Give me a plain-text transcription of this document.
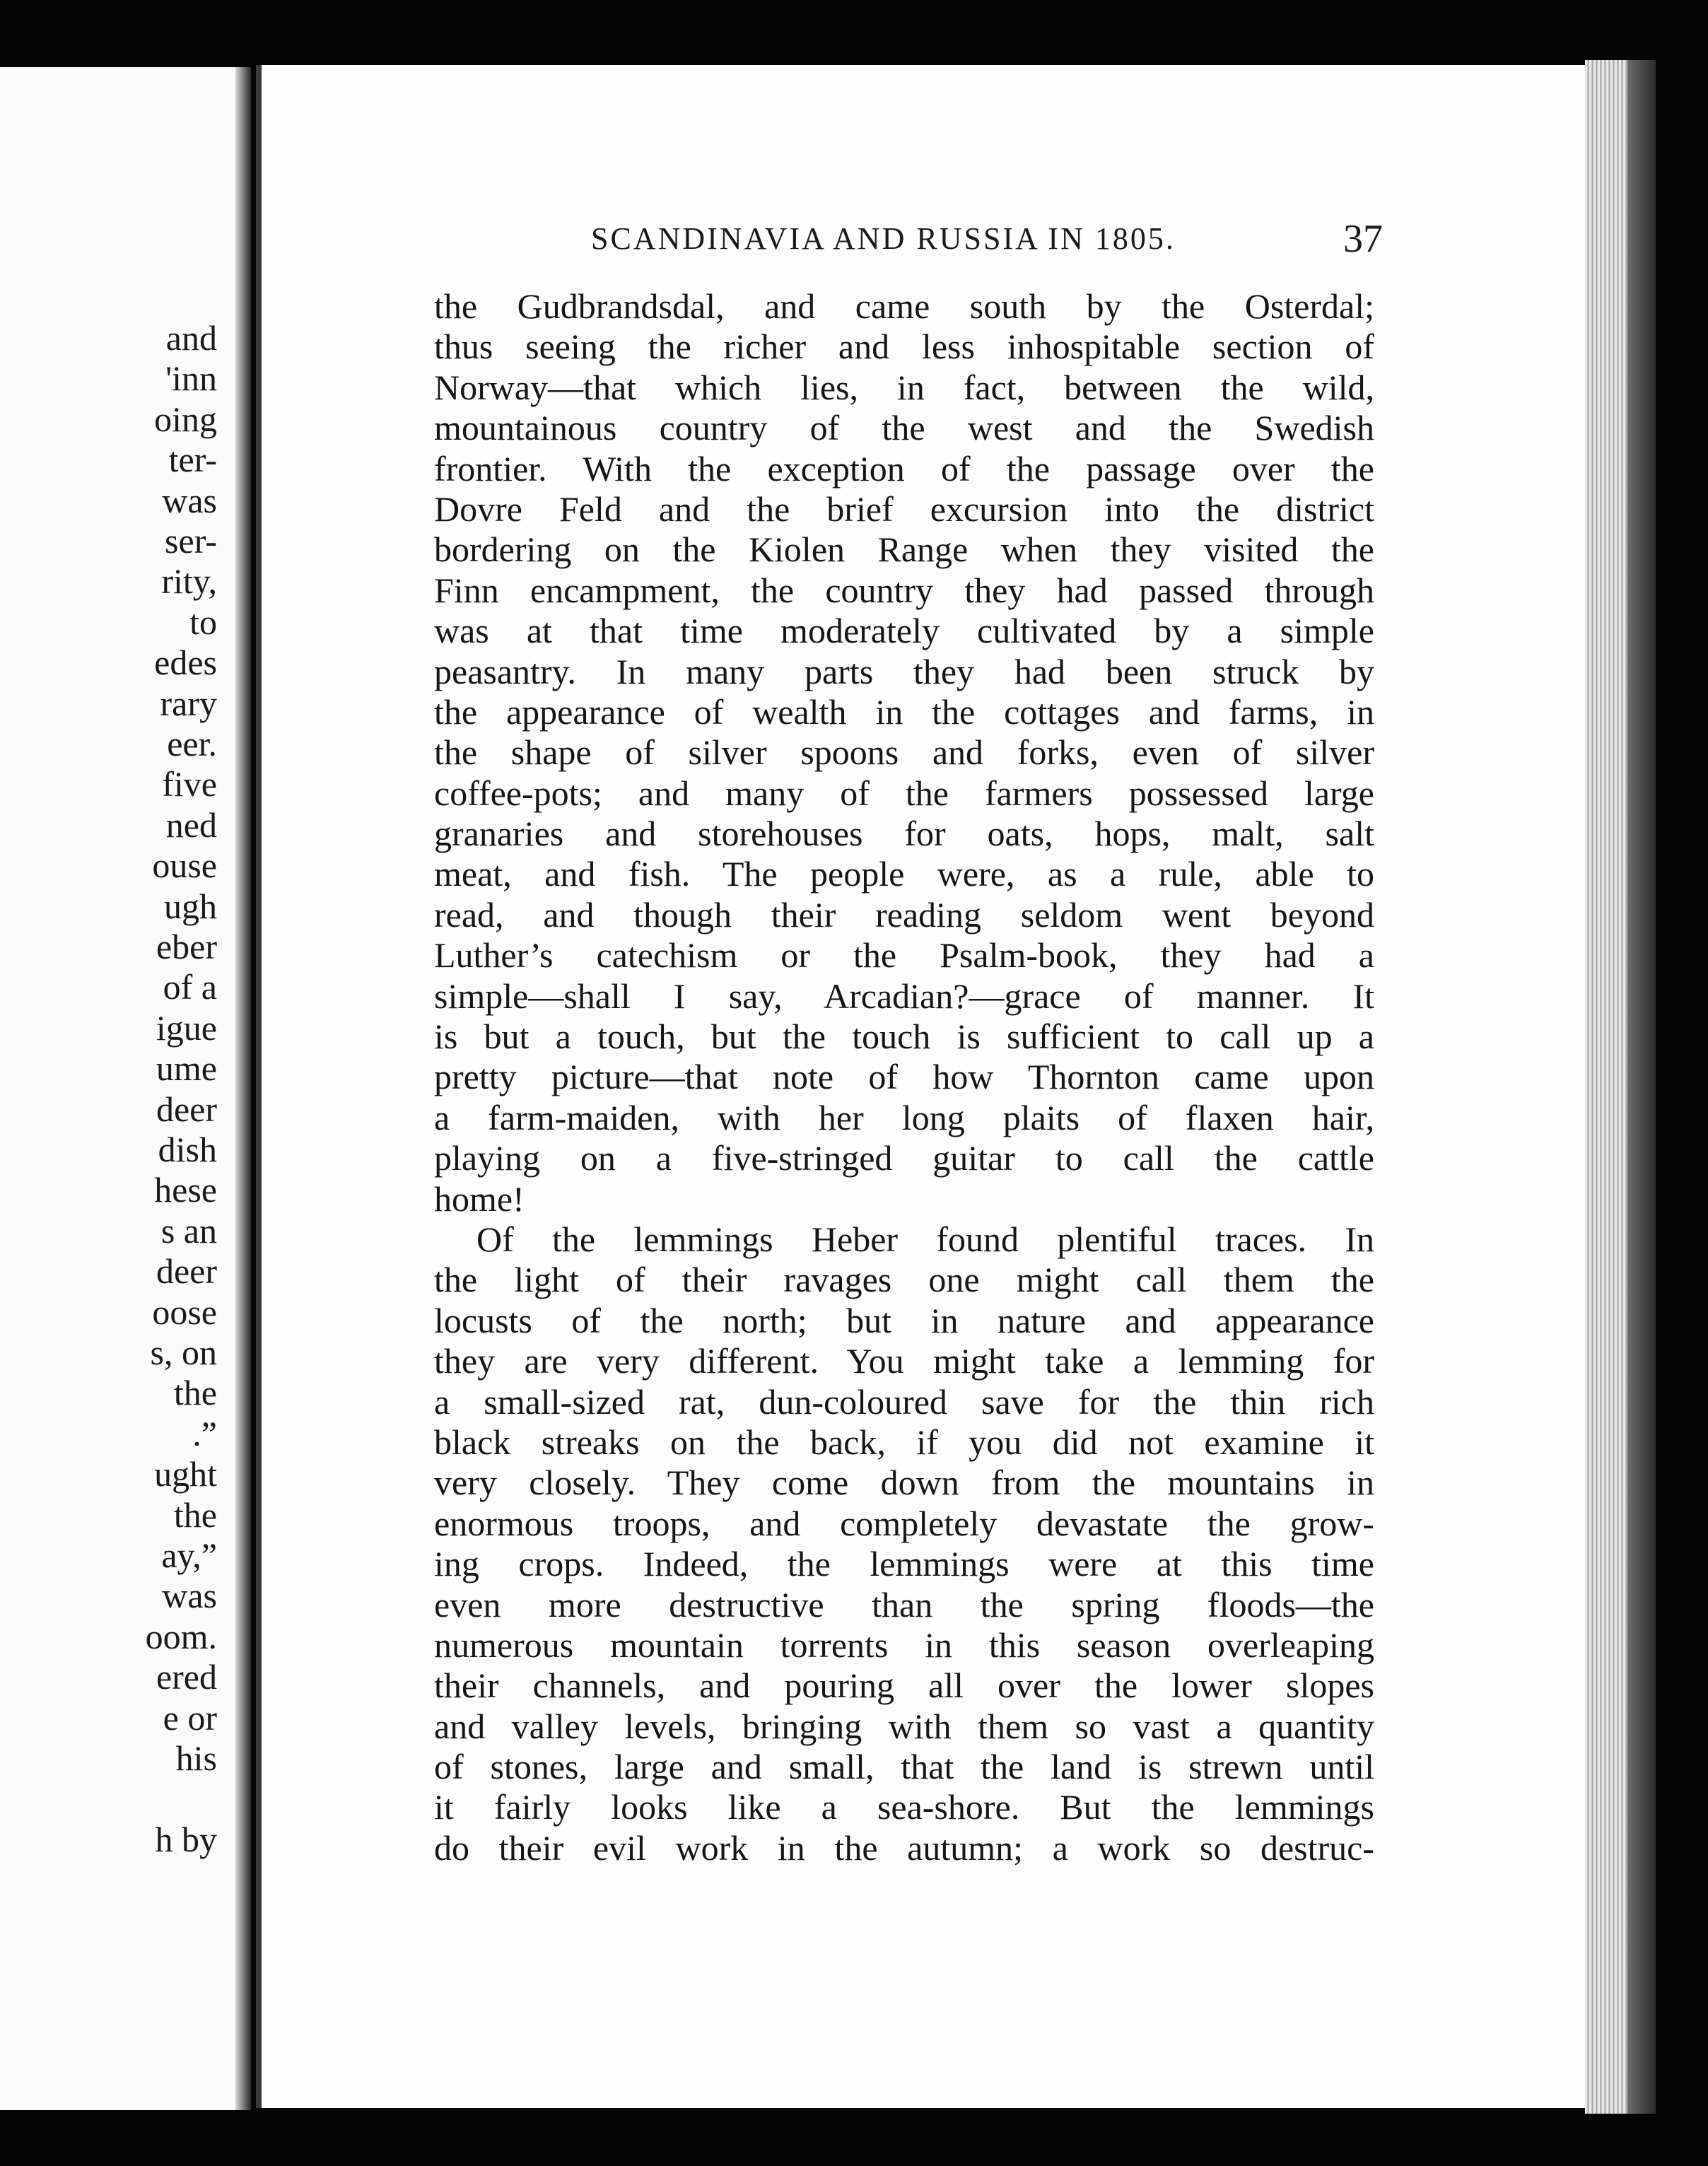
and
'inn
oing
ter-
was
ser-
rity,
to
edes
rary
eer.
five
ned
ouse
ugh
eber
of a
igue
ume
deer
dish
hese
s an
deer
oose
s, on
the
.”
ught
the
ay,”
was
oom.
ered
e or
his
h by
SCANDINAVIA AND RUSSIA IN 1805.	37
the Gudbrandsdal, and came south by the Osterdal;
thus seeing the richer and less inhospitable section of
Norway—that which lies, in fact, between the wild,
mountainous country of the west and the Swedish
frontier. With the exception of the passage over the
Dovre Feld and the brief excursion into the district
bordering on the Kiolen Range when they visited the
Finn encampment, the country they had passed through
was at that time moderately cultivated by a simple
peasantry. In many parts they had been struck by
the appearance of wealth in the cottages and farms, in
the shape of silver spoons and forks, even of silver
coffee-pots; and many of the farmers possessed large
granaries and storehouses for oats, hops, malt, salt
meat, and fish. The people were, as a rule, able to
read, and though their reading seldom went beyond
Luther’s catechism or the Psalm-book, they had a
simple—shall I say, Arcadian?—grace of manner. It
is but a touch, but the touch is sufficient to call up a
pretty picture—that note of how Thornton came upon
a farm-maiden, with her long plaits of flaxen hair,
playing on a five-stringed guitar to call the cattle
home!
Of the lemmings Heber found plentiful traces. In
the light of their ravages one might call them the
locusts of the north; but in nature and appearance
they are very different. You might take a lemming for
a small-sized rat, dun-coloured save for the thin rich
black streaks on the back, if you did not examine it
very closely. They come down from the mountains in
enormous troops, and completely devastate the grow-
ing crops. Indeed, the lemmings were at this time
even more destructive than the spring floods—the
numerous mountain torrents in this season overleaping
their channels, and pouring all over the lower slopes
and valley levels, bringing with them so vast a quantity
of stones, large and small, that the land is strewn until
it fairly looks like a sea-shore. But the lemmings
do their evil work in the autumn; a work so destruc-
